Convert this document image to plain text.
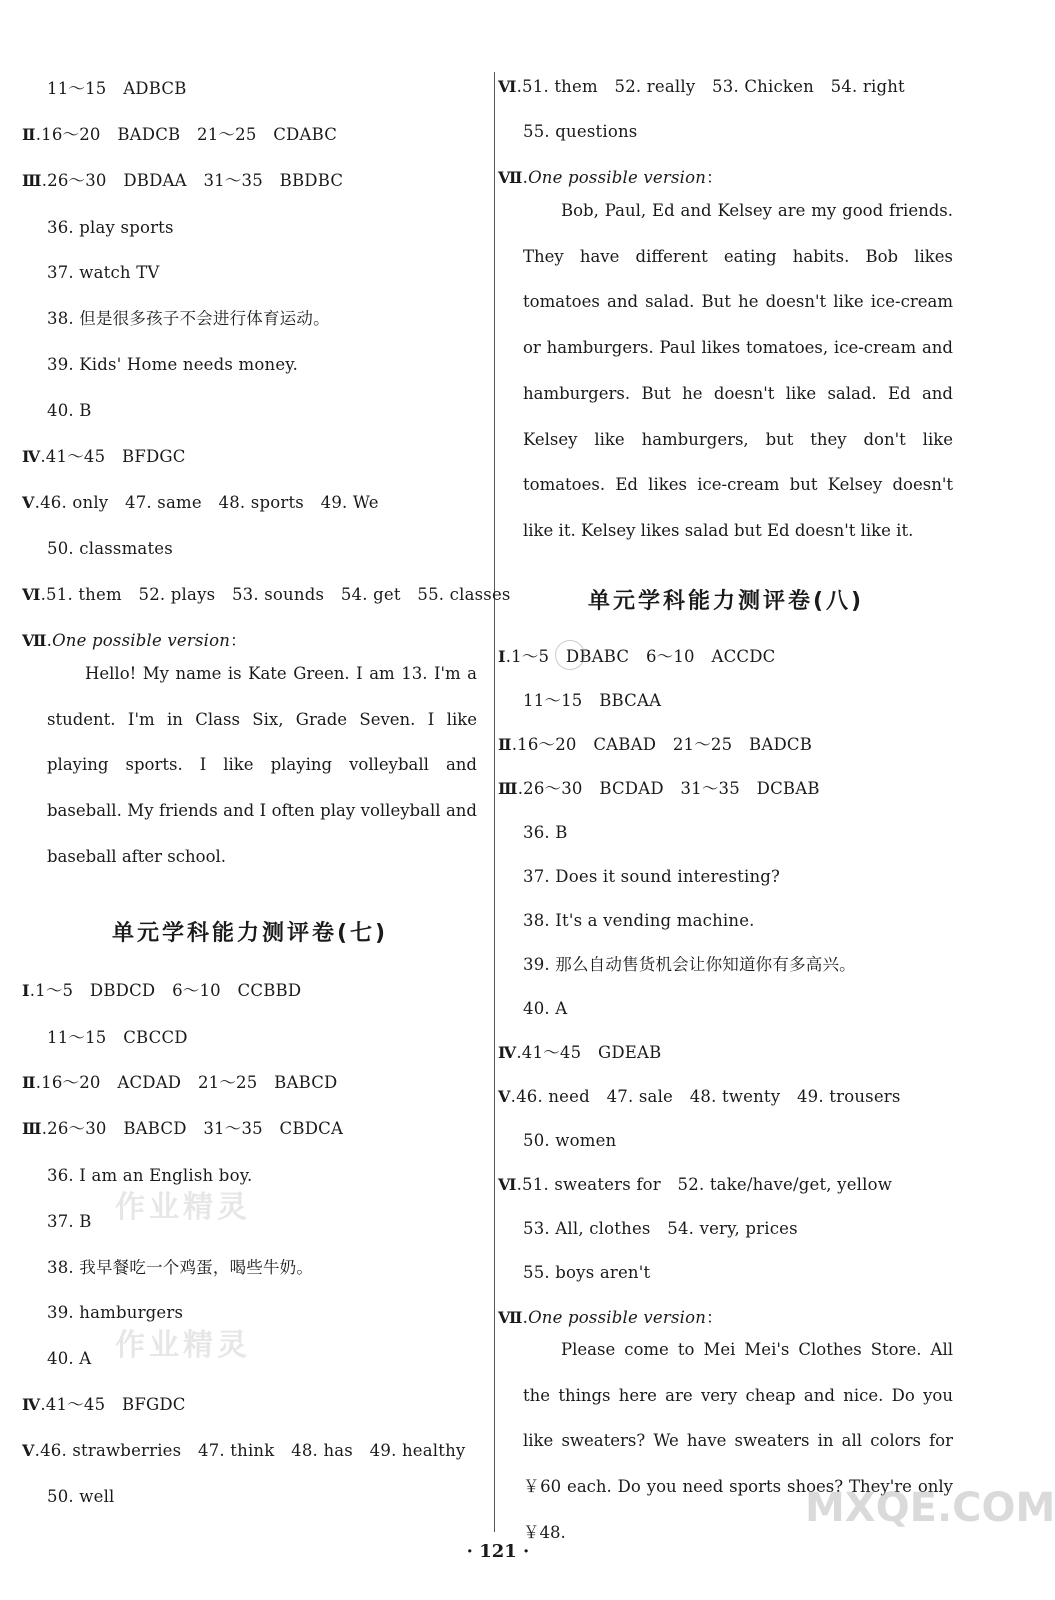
11～15　ADBCB
Ⅱ.16～20　BADCB　21～25　CDABC
Ⅲ.26～30　DBDAA　31～35　BBDBC
36. play sports
37. watch TV
38. 但是很多孩子不会进行体育运动。
39. Kids' Home needs money.
40. B
Ⅳ.41～45　BFDGC
Ⅴ.46. only　47. same　48. sports　49. We
50. classmates
Ⅵ.51. them　52. plays　53. sounds　54. get　55. classes
Ⅶ.One possible version：

Hello! My name is Kate Green. I am 13. I'm a student. I'm in Class Six, Grade Seven. I like playing sports. I like playing volleyball and baseball. My friends and I often play volleyball and baseball after school.

单元学科能力测评卷(七)
Ⅰ.1～5　DBDCD　6～10　CCBBD
11～15　CBCCD
Ⅱ.16～20　ACDAD　21～25　BABCD
Ⅲ.26～30　BABCD　31～35　CBDCA
36. I am an English boy.
37. B
38. 我早餐吃一个鸡蛋，喝些牛奶。
39. hamburgers
40. A
Ⅳ.41～45　BFGDC
Ⅴ.46. strawberries　47. think　48. has　49. healthy
50. well
作业精灵
作业精灵
Ⅵ.51. them　52. really　53. Chicken　54. right
55. questions
Ⅶ.One possible version：

Bob, Paul, Ed and Kelsey are my good friends. They have different eating habits. Bob likes tomatoes and salad. But he doesn't like ice-cream or hamburgers. Paul likes tomatoes, ice-cream and hamburgers. But he doesn't like salad. Ed and Kelsey like hamburgers, but they don't like tomatoes. Ed likes ice-cream but Kelsey doesn't like it. Kelsey likes salad but Ed doesn't like it.

单元学科能力测评卷(八)
Ⅰ.1～5　DBABC　6～10　ACCDC
11～15　BBCAA
Ⅱ.16～20　CABAD　21～25　BADCB
Ⅲ.26～30　BCDAD　31～35　DCBAB
36. B
37. Does it sound interesting?
38. It's a vending machine.
39. 那么自动售货机会让你知道你有多高兴。
40. A
Ⅳ.41～45　GDEAB
Ⅴ.46. need　47. sale　48. twenty　49. trousers
50. women
Ⅵ.51. sweaters for　52. take/have/get, yellow
53. All, clothes　54. very, prices
55. boys aren't
Ⅶ.One possible version：

Please come to Mei Mei's Clothes Store. All the things here are very cheap and nice. Do you like sweaters? We have sweaters in all colors for ￥60 each. Do you need sports shoes? They're only ￥48.

MXQE.COM
· 121 ·
